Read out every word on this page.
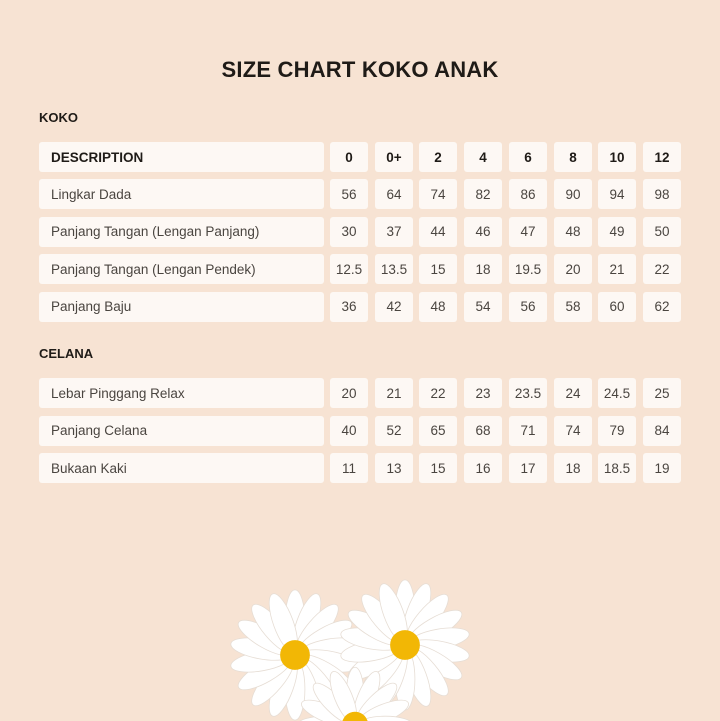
SIZE CHART KOKO ANAK
KOKO
DESCRIPTION	0	0+	2	4	6	8	10	12
Lingkar Dada	56	64	74	82	86	90	94	98
Panjang Tangan (Lengan Panjang)	30	37	44	46	47	48	49	50
Panjang Tangan (Lengan Pendek)	12.5	13.5	15	18	19.5	20	21	22
Panjang Baju	36	42	48	54	56	58	60	62
CELANA
Lebar Pinggang Relax	20	21	22	23	23.5	24	24.5	25
Panjang Celana	40	52	65	68	71	74	79	84
Bukaan Kaki	11	13	15	16	17	18	18.5	19
